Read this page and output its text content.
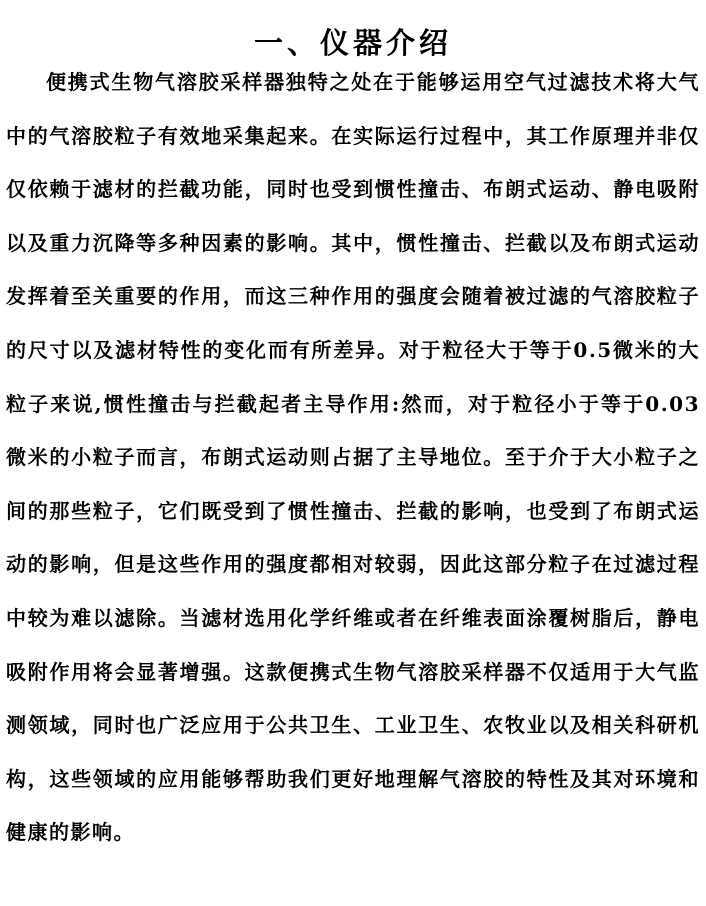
一、仪器介绍

便携式生物气溶胶采样器独特之处在于能够运用空气过滤技术将大气中的气溶胶粒子有效地采集起来。在实际运行过程中，其工作原理并非仅仅依赖于滤材的拦截功能，同时也受到惯性撞击、布朗式运动、静电吸附以及重力沉降等多种因素的影响。其中，惯性撞击、拦截以及布朗式运动发挥着至关重要的作用，而这三种作用的强度会随着被过滤的气溶胶粒子的尺寸以及滤材特性的变化而有所差异。对于粒径大于等于0.5微米的大粒子来说,惯性撞击与拦截起者主导作用:然而，对于粒径小于等于0.03微米的小粒子而言，布朗式运动则占据了主导地位。至于介于大小粒子之间的那些粒子，它们既受到了惯性撞击、拦截的影响，也受到了布朗式运动的影响，但是这些作用的强度都相对较弱，因此这部分粒子在过滤过程中较为难以滤除。当滤材选用化学纤维或者在纤维表面涂覆树脂后，静电吸附作用将会显著增强。这款便携式生物气溶胶采样器不仅适用于大气监测领域，同时也广泛应用于公共卫生、工业卫生、农牧业以及相关科研机构，这些领域的应用能够帮助我们更好地理解气溶胶的特性及其对环境和健康的影响。
